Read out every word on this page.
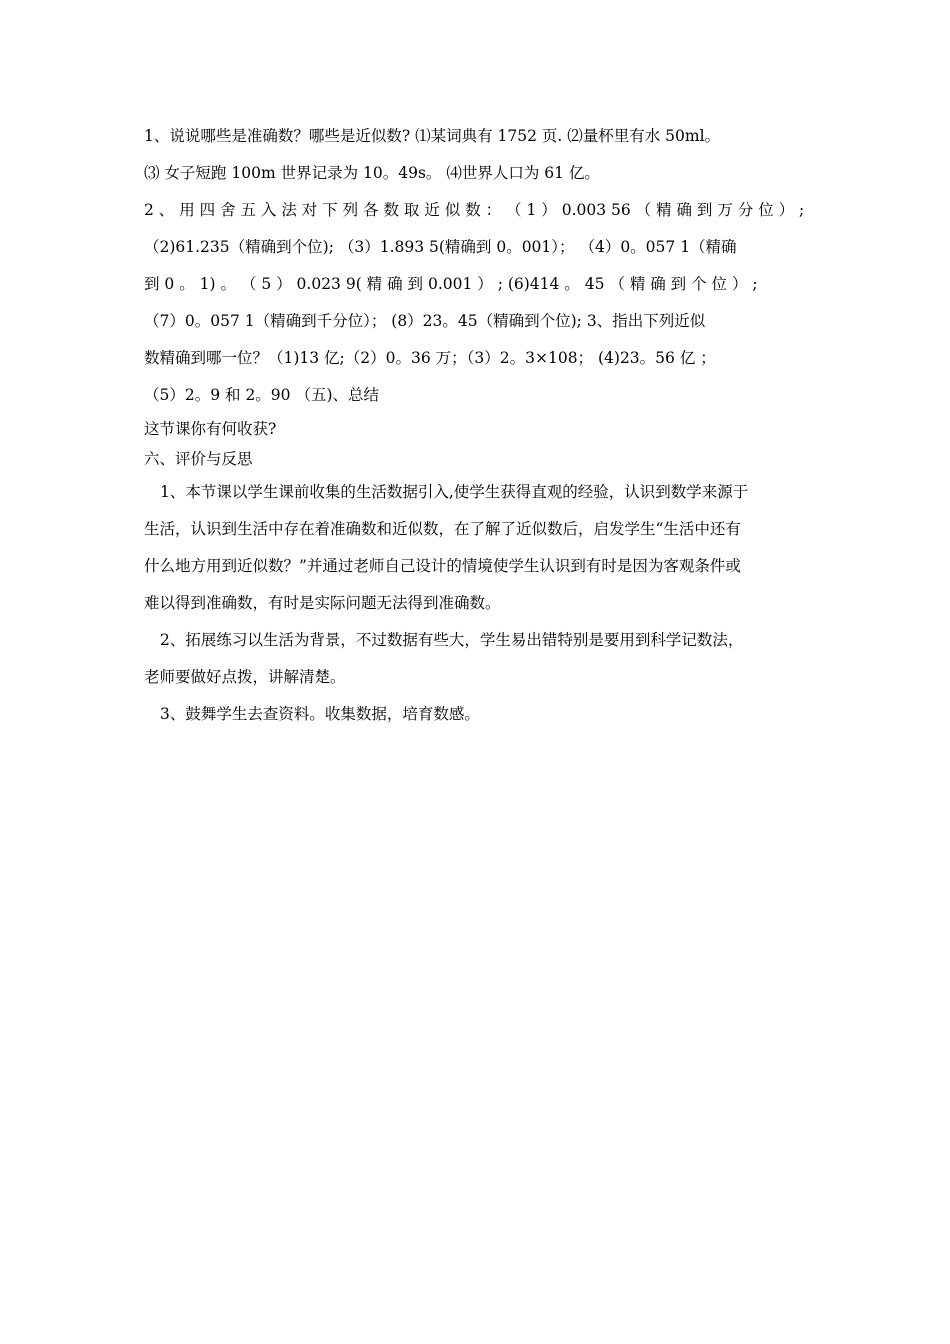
1、说说哪些是准确数？哪些是近似数? ⑴某词典有 1752 页. ⑵量杯里有水 50ml。
⑶ 女子短跑 100m 世界记录为 10。49s。 ⑷世界人口为 61 亿。
2 、 用 四 舍 五 入 法 对 下 列 各 数 取 近 似 数 ： （ 1 ） 0.003 56 （ 精 确 到 万 分 位 ） ;
（2)61.235（精确到个位); （3）1.893 5(精确到 0。001）； （4）0。057 1（精确
到 0 。 1) 。 （ 5 ） 0.023 9( 精 确 到 0.001 ） ; (6)414 。 45 （ 精 确 到 个 位 ） ;
（7）0。057 1（精确到千分位）； (8）23。45（精确到个位); 3、指出下列近似
数精确到哪一位？（1)13 亿;（2）0。36 万；（3）2。3×108； (4)23。56 亿 ；
（5）2。9 和 2。90 （五)、总结
这节课你有何收获?
六、评价与反思
1、本节课以学生课前收集的生活数据引入,使学生获得直观的经验，认识到数学来源于
生活，认识到生活中存在着准确数和近似数，在了解了近似数后，启发学生“生活中还有
什么地方用到近似数？”并通过老师自己设计的情境使学生认识到有时是因为客观条件或
难以得到准确数，有时是实际问题无法得到准确数。
2、拓展练习以生活为背景，不过数据有些大，学生易出错特别是要用到科学记数法，
老师要做好点拨，讲解清楚。
3、鼓舞学生去查资料。收集数据，培育数感。
